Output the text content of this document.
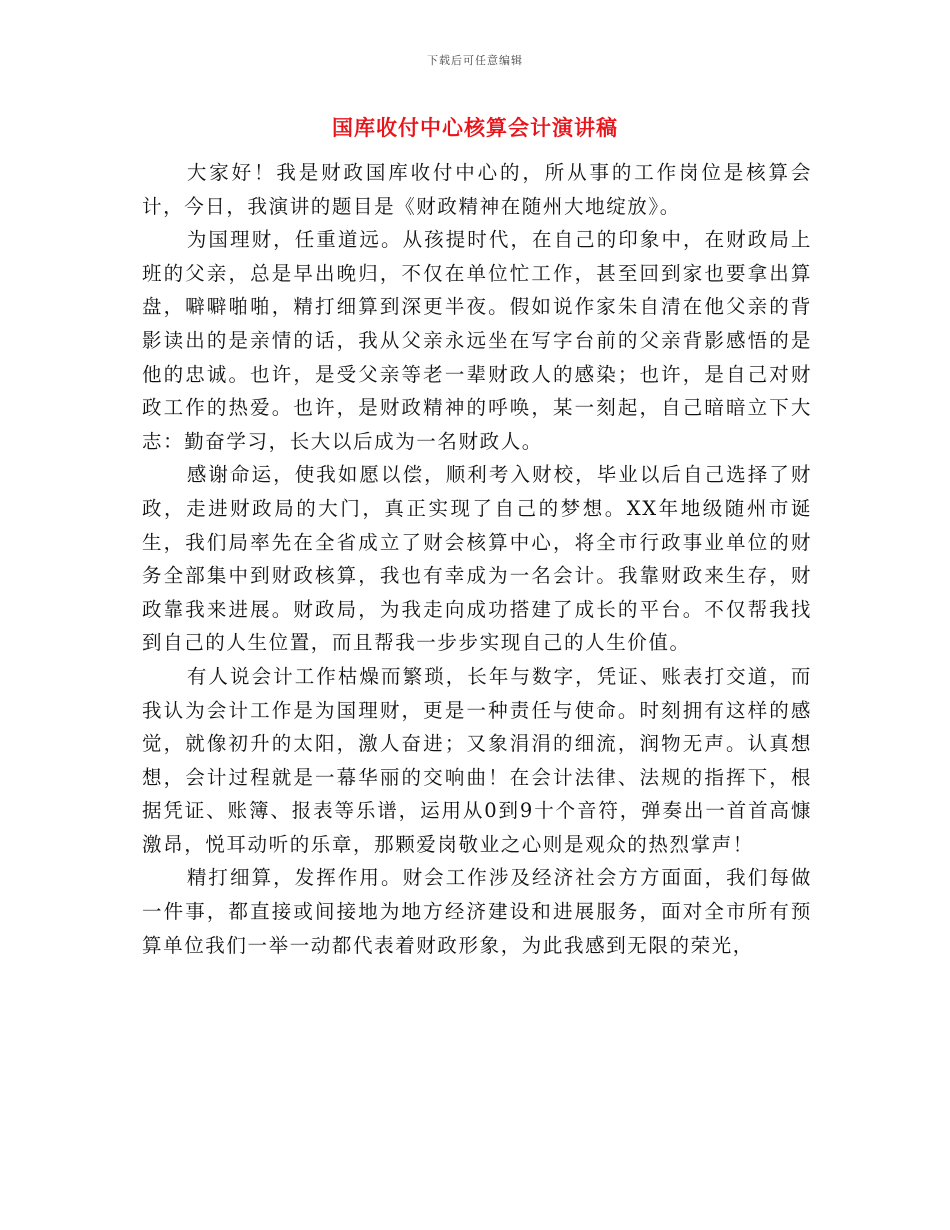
下载后可任意编辑
国库收付中心核算会计演讲稿

大家好！我是财政国库收付中心的，所从事的工作岗位是核算会计，今日，我演讲的题目是《财政精神在随州大地绽放》。

为国理财，任重道远。从孩提时代，在自己的印象中，在财政局上班的父亲，总是早出晚归，不仅在单位忙工作，甚至回到家也要拿出算盘，噼噼啪啪，精打细算到深更半夜。假如说作家朱自清在他父亲的背影读出的是亲情的话，我从父亲永远坐在写字台前的父亲背影感悟的是他的忠诚。也许，是受父亲等老一辈财政人的感染；也许，是自己对财政工作的热爱。也许，是财政精神的呼唤，某一刻起，自己暗暗立下大志：勤奋学习，长大以后成为一名财政人。

感谢命运，使我如愿以偿，顺利考入财校，毕业以后自己选择了财政，走进财政局的大门，真正实现了自己的梦想。XX年地级随州市诞生，我们局率先在全省成立了财会核算中心，将全市行政事业单位的财务全部集中到财政核算，我也有幸成为一名会计。我靠财政来生存，财政靠我来进展。财政局，为我走向成功搭建了成长的平台。不仅帮我找到自己的人生位置，而且帮我一步步实现自己的人生价值。

有人说会计工作枯燥而繁琐，长年与数字，凭证、账表打交道，而我认为会计工作是为国理财，更是一种责任与使命。时刻拥有这样的感觉，就像初升的太阳，激人奋进；又象涓涓的细流，润物无声。认真想想，会计过程就是一幕华丽的交响曲！在会计法律、法规的指挥下，根据凭证、账簿、报表等乐谱，运用从0到9十个音符，弹奏出一首首高慷激昂，悦耳动听的乐章，那颗爱岗敬业之心则是观众的热烈掌声！

精打细算，发挥作用。财会工作涉及经济社会方方面面，我们每做一件事，都直接或间接地为地方经济建设和进展服务，面对全市所有预算单位我们一举一动都代表着财政形象，为此我感到无限的荣光，
